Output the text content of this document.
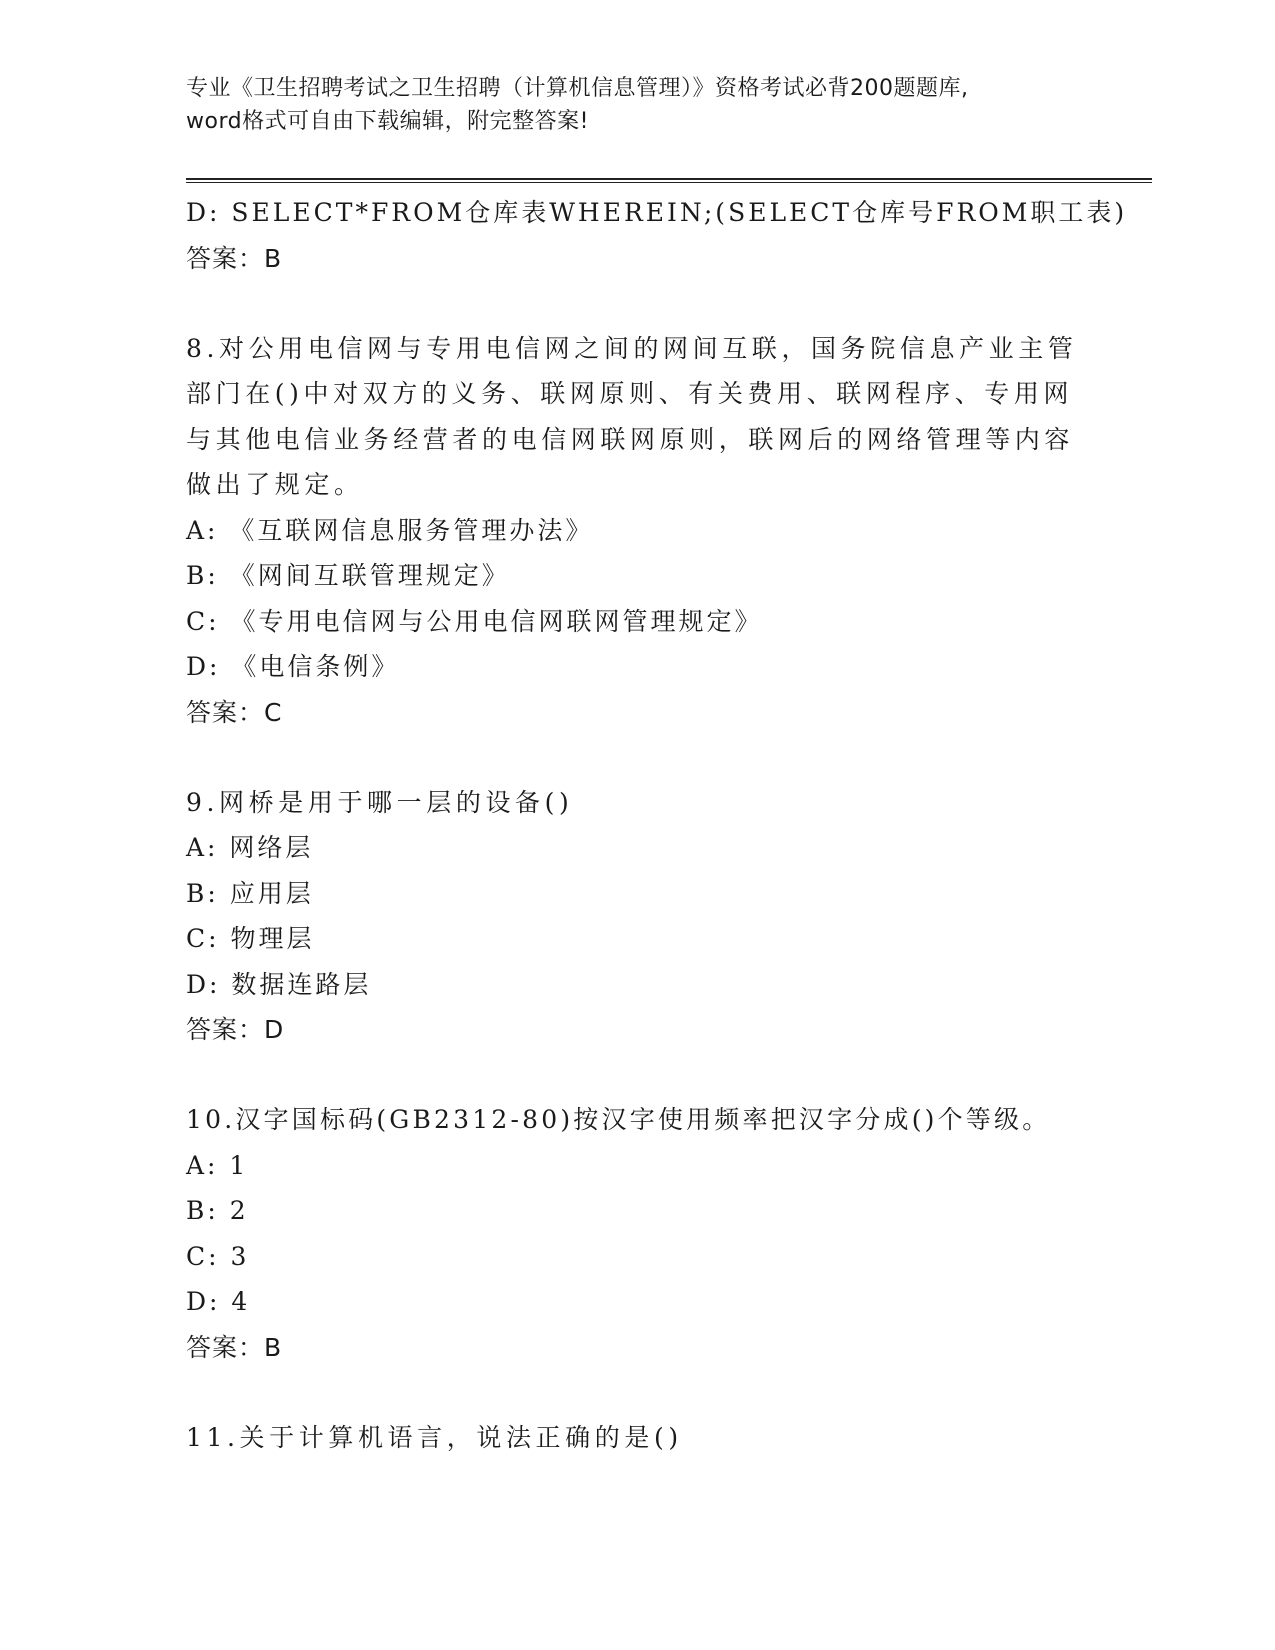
专业《卫生招聘考试之卫生招聘（计算机信息管理）》资格考试必背200题题库,
word格式可自由下载编辑，附完整答案!
D: SELECT*FROM仓库表WHEREIN;(SELECT仓库号FROM职工表)
答案：B
8.对公用电信网与专用电信网之间的网间互联，国务院信息产业主管
部门在()中对双方的义务、联网原则、有关费用、联网程序、专用网
与其他电信业务经营者的电信网联网原则，联网后的网络管理等内容
做出了规定。
A: 《互联网信息服务管理办法》
B: 《网间互联管理规定》
C: 《专用电信网与公用电信网联网管理规定》
D: 《电信条例》
答案：C
9.网桥是用于哪一层的设备()
A: 网络层
B: 应用层
C: 物理层
D: 数据连路层
答案：D
10.汉字国标码(GB2312-80)按汉字使用频率把汉字分成()个等级。
A: 1
B: 2
C: 3
D: 4
答案：B
11.关于计算机语言，说法正确的是()
